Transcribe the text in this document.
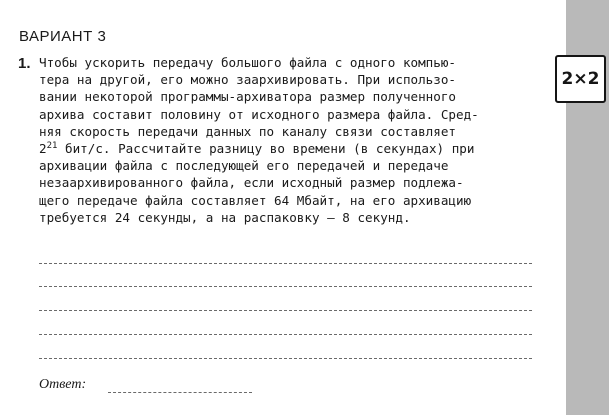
2×2
ВАРИАНТ 3
1. Чтобы ускорить передачу большого файла с одного компью-
тера на другой, его можно заархивировать. При использо-
вании некоторой программы-архиватора размер полученного
архива составит половину от исходного размера файла. Сред-
няя скорость передачи данных по каналу связи составляет
$2^{21}$ бит/с. Рассчитайте разницу во времени (в секундах) при
архивации файла с последующей его передачей и передаче
незаархивированного файла, если исходный размер подлежа-
щего передаче файла составляет 64 Мбайт, на его архивацию
требуется 24 секунды, а на распаковку — 8 секунд.
Ответ:
